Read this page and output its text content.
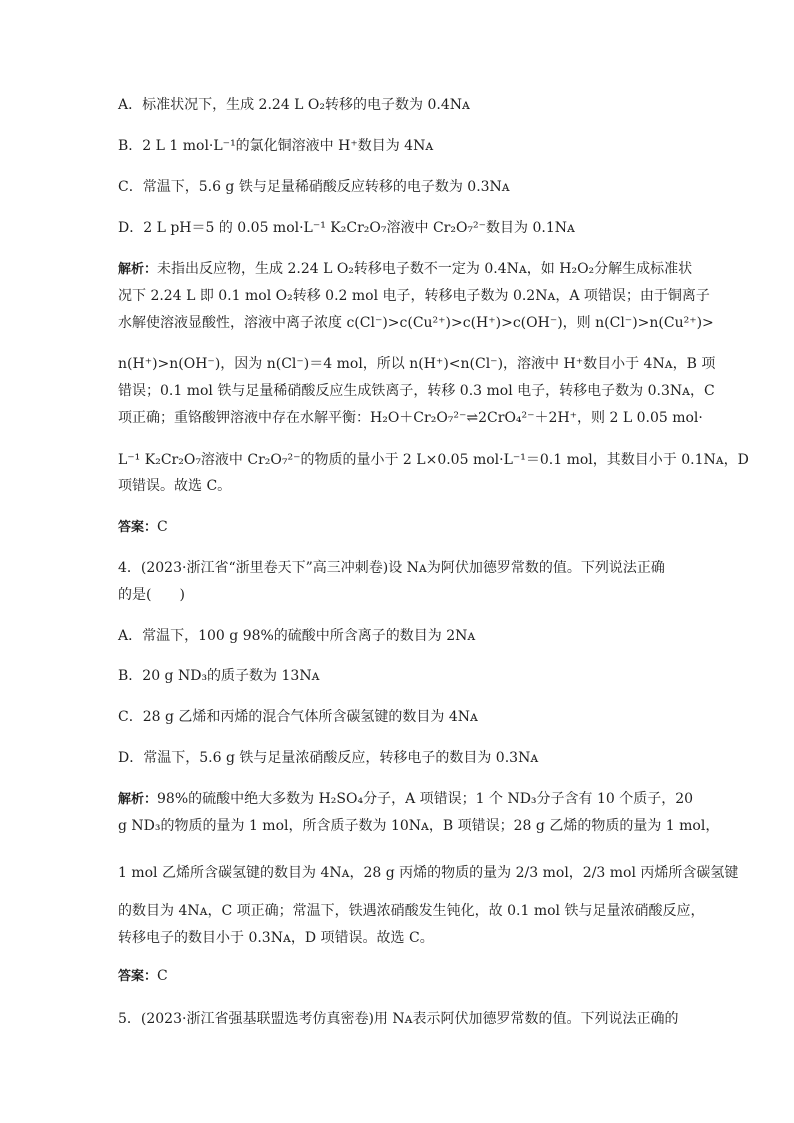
A．标准状况下，生成 2.24 L O₂转移的电子数为 0.4Nᴀ
B．2 L 1 mol·L⁻¹的氯化铜溶液中 H⁺数目为 4Nᴀ
C．常温下，5.6 g 铁与足量稀硝酸反应转移的电子数为 0.3Nᴀ
D．2 L pH＝5 的 0.05 mol·L⁻¹ K₂Cr₂O₇溶液中 Cr₂O₇²⁻数目为 0.1Nᴀ
解析：未指出反应物，生成 2.24 L O₂转移电子数不一定为 0.4Nᴀ，如 H₂O₂分解生成标准状
况下 2.24 L 即 0.1 mol O₂转移 0.2 mol 电子，转移电子数为 0.2Nᴀ，A 项错误；由于铜离子
水解使溶液显酸性，溶液中离子浓度 c(Cl⁻)>c(Cu²⁺)>c(H⁺)>c(OH⁻)，则 n(Cl⁻)>n(Cu²⁺)>
n(H⁺)>n(OH⁻)，因为 n(Cl⁻)＝4 mol，所以 n(H⁺)<n(Cl⁻)，溶液中 H⁺数目小于 4Nᴀ，B 项
错误；0.1 mol 铁与足量稀硝酸反应生成铁离子，转移 0.3 mol 电子，转移电子数为 0.3Nᴀ，C
项正确；重铬酸钾溶液中存在水解平衡：H₂O＋Cr₂O₇²⁻⇌2CrO₄²⁻＋2H⁺，则 2 L 0.05 mol·
L⁻¹ K₂Cr₂O₇溶液中 Cr₂O₇²⁻的物质的量小于 2 L×0.05 mol·L⁻¹＝0.1 mol，其数目小于 0.1Nᴀ，D
项错误。故选 C。
答案：C
4．(2023·浙江省“浙里卷天下”高三冲刺卷)设 Nᴀ为阿伏加德罗常数的值。下列说法正确
的是(　　)
A．常温下，100 g 98%的硫酸中所含离子的数目为 2Nᴀ
B．20 g ND₃的质子数为 13Nᴀ
C．28 g 乙烯和丙烯的混合气体所含碳氢键的数目为 4Nᴀ
D．常温下，5.6 g 铁与足量浓硝酸反应，转移电子的数目为 0.3Nᴀ
解析：98%的硫酸中绝大多数为 H₂SO₄分子，A 项错误；1 个 ND₃分子含有 10 个质子，20
g ND₃的物质的量为 1 mol，所含质子数为 10Nᴀ，B 项错误；28 g 乙烯的物质的量为 1 mol，
1 mol 乙烯所含碳氢键的数目为 4Nᴀ，28 g 丙烯的物质的量为 2/3 mol，2/3 mol 丙烯所含碳氢键
的数目为 4Nᴀ，C 项正确；常温下，铁遇浓硝酸发生钝化，故 0.1 mol 铁与足量浓硝酸反应，
转移电子的数目小于 0.3Nᴀ，D 项错误。故选 C。
答案：C
5．(2023·浙江省强基联盟选考仿真密卷)用 Nᴀ表示阿伏加德罗常数的值。下列说法正确的
